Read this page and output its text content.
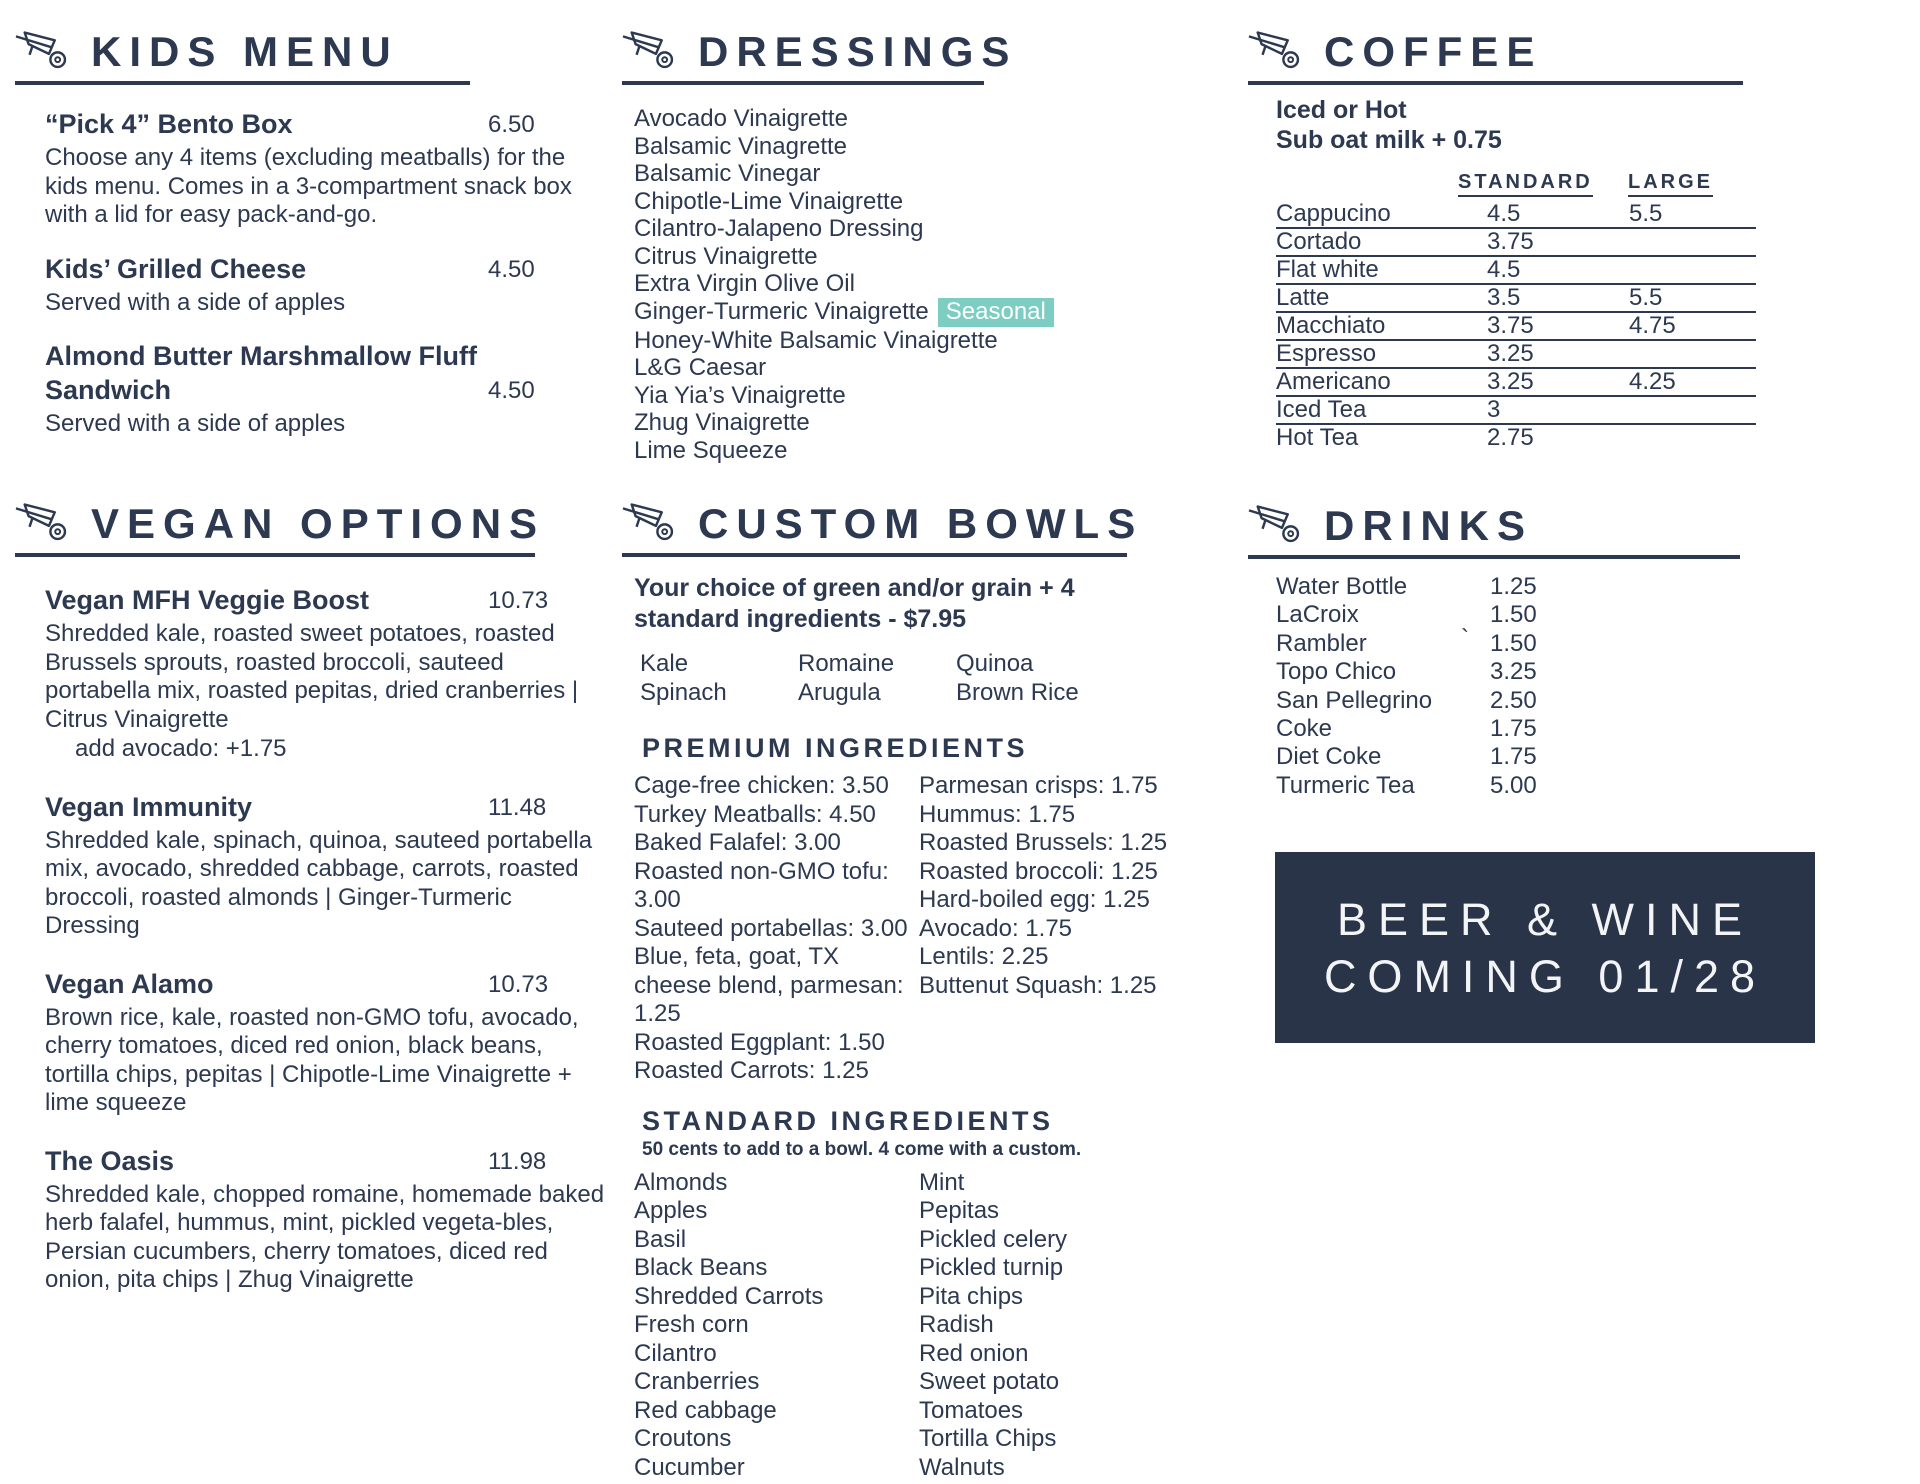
KIDS MENU
“Pick 4” Bento Box	6.50
Choose any 4 items (excluding meatballs) for the kids menu. Comes in a 3-compartment snack box with a lid for easy pack-and-go.
Kids’ Grilled Cheese	4.50
Served with a side of apples
Almond Butter Marshmallow Fluff Sandwich	4.50
Served with a side of apples
VEGAN OPTIONS
Vegan MFH Veggie Boost	10.73
Shredded kale, roasted sweet potatoes, roasted Brussels sprouts, roasted broccoli, sauteed portabella mix, roasted pepitas, dried cranberries | Citrus Vinaigrette
add avocado: +1.75
Vegan Immunity	11.48
Shredded kale, spinach, quinoa, sauteed portabella mix, avocado, shredded cabbage, carrots, roasted broccoli, roasted almonds | Ginger-Turmeric Dressing
Vegan Alamo	10.73
Brown rice, kale, roasted non-GMO tofu, avocado, cherry tomatoes, diced red onion, black beans, tortilla chips, pepitas | Chipotle-Lime Vinaigrette + lime squeeze
The Oasis	11.98
Shredded kale, chopped romaine, homemade baked herb falafel, hummus, mint, pickled vegeta-bles, Persian cucumbers, cherry tomatoes, diced red onion, pita chips | Zhug Vinaigrette
DRESSINGS
Avocado Vinaigrette
Balsamic Vinagrette
Balsamic Vinegar
Chipotle-Lime Vinaigrette
Cilantro-Jalapeno Dressing
Citrus Vinaigrette
Extra Virgin Olive Oil
Ginger-Turmeric Vinaigrette Seasonal
Honey-White Balsamic Vinaigrette
L&G Caesar
Yia Yia’s Vinaigrette
Zhug Vinaigrette
Lime Squeeze
CUSTOM BOWLS
Your choice of green and/or grain + 4 standard ingredients - $7.95
Kale
Spinach
Romaine
Arugula
Quinoa
Brown Rice
PREMIUM INGREDIENTS
Cage-free chicken: 3.50
Turkey Meatballs: 4.50
Baked Falafel: 3.00
Roasted non-GMO tofu: 3.00
Sauteed portabellas: 3.00
Blue, feta, goat, TX cheese blend, parmesan: 1.25
Roasted Eggplant: 1.50
Roasted Carrots: 1.25
Parmesan crisps: 1.75
Hummus: 1.75
Roasted Brussels: 1.25
Roasted broccoli: 1.25
Hard-boiled egg: 1.25
Avocado: 1.75
Lentils: 2.25
Buttenut Squash: 1.25
STANDARD INGREDIENTS
50 cents to add to a bowl. 4 come with a custom.
Almonds
Apples
Basil
Black Beans
Shredded Carrots
Fresh corn
Cilantro
Cranberries
Red cabbage
Croutons
Cucumber
Mint
Pepitas
Pickled celery
Pickled turnip
Pita chips
Radish
Red onion
Sweet potato
Tomatoes
Tortilla Chips
Walnuts
COFFEE
Iced or Hot
Sub oat milk + 0.75
STANDARD LARGE
Cappucino	4.5	5.5
Cortado	3.75
Flat white	4.5
Latte	3.5	5.5
Macchiato	3.75	4.75
Espresso	3.25
Americano	3.25	4.25
Iced Tea	3
Hot Tea	2.75
DRINKS
Water Bottle	1.25
LaCroix	1.50
Rambler	` 1.50
Topo Chico	3.25
San Pellegrino	2.50
Coke	1.75
Diet Coke	1.75
Turmeric Tea	5.00
BEER & WINE
COMING 01/28
